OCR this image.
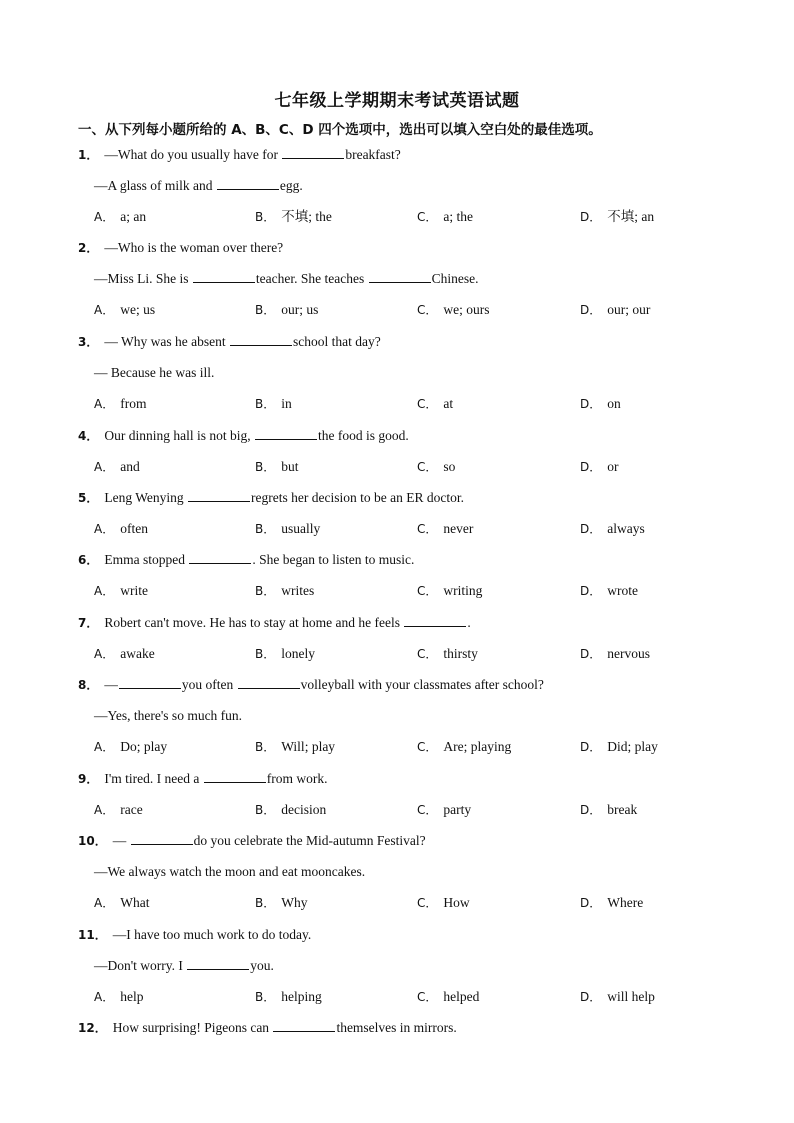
七年级上学期期末考试英语试题
一、从下列每小题所给的 A、B、C、D 四个选项中，选出可以填入空白处的最佳选项。
1． —What do you usually have for	breakfast?
—A glass of milk and	egg.
A． a; an	B． 不填; the	C． a; the	D． 不填; an
2． —Who is the woman over there?
—Miss Li. She is	teacher. She teaches	Chinese.
A． we; us	B． our; us	C． we; ours	D． our; our
3． — Why was he absent	school that day?
— Because he was ill.
A． from	B． in	C． at	D． on
4． Our dinning hall is not big,	the food is good.
A． and	B． but	C． so	D． or
5． Leng Wenying	regrets her decision to be an ER doctor.
A． often	B． usually	C． never	D． always
6． Emma stopped	. She began to listen to music.
A． write	B． writes	C． writing	D． wrote
7． Robert can't move. He has to stay at home and he feels	.
A． awake	B． lonely	C． thirsty	D． nervous
8． —	you often	volleyball with your classmates after school?
—Yes, there's so much fun.
A． Do; play	B． Will; play	C． Are; playing	D． Did; play
9． I'm tired. I need a	from work.
A． race	B． decision	C． party	D． break
10． —	do you celebrate the Mid-autumn Festival?
—We always watch the moon and eat mooncakes.
A． What	B． Why	C． How	D． Where
11． —I have too much work to do today.
—Don't worry. I	you.
A． help	B． helping	C． helped	D． will help
12． How surprising! Pigeons can	themselves in mirrors.
